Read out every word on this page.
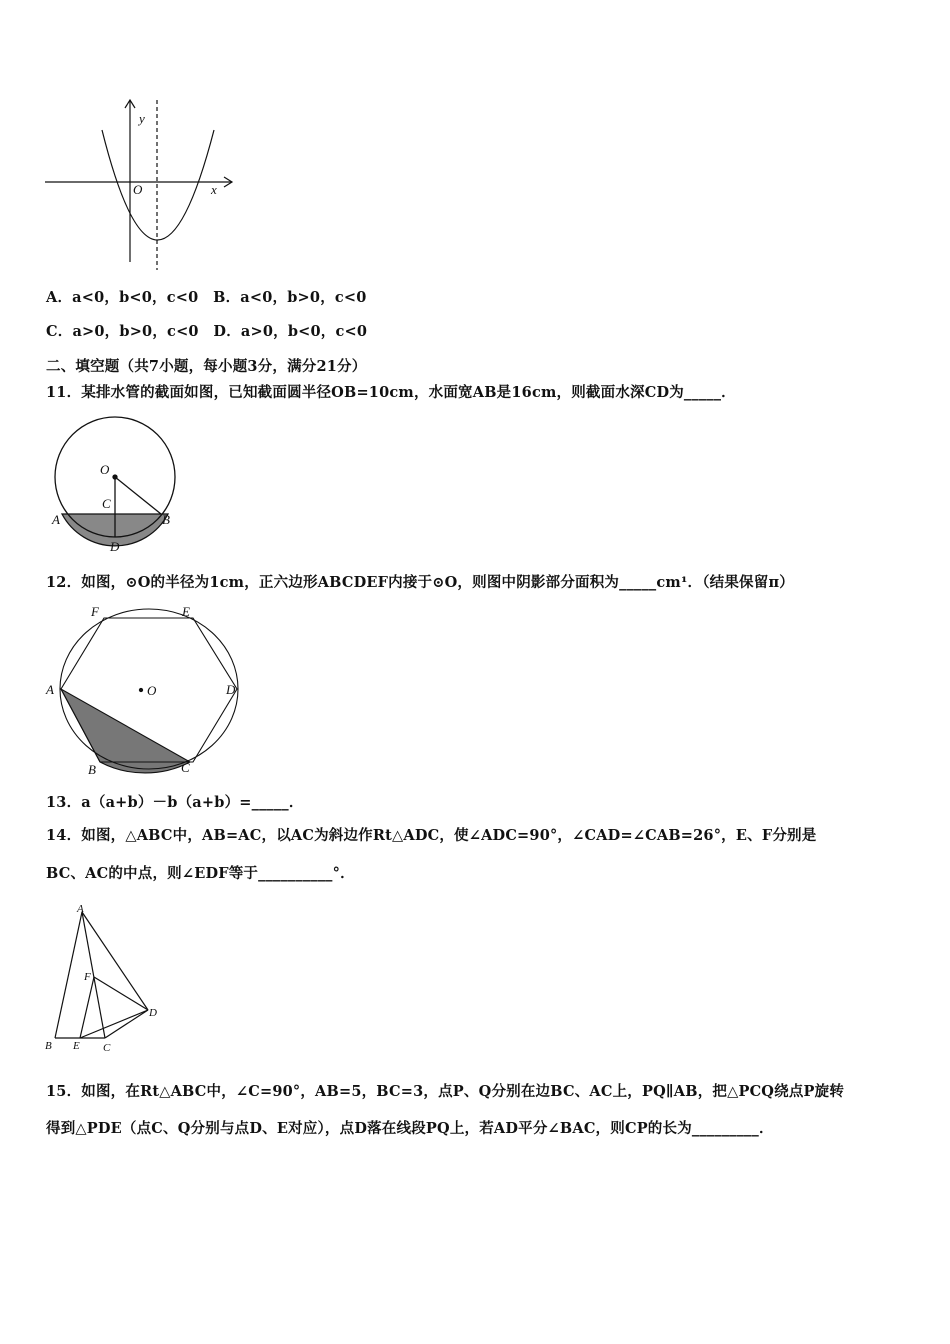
y
O	x
O
C
A	B
D
F	E
A	O	D
B	C
A
F
D
B E C
A．a<0，b<0，c<0　B．a<0，b>0，c<0
C．a>0，b>0，c<0　D．a>0，b<0，c<0
二、填空题（共7小题，每小题3分，满分21分）
11．某排水管的截面如图，已知截面圆半径OB=10cm，水面宽AB是16cm，则截面水深CD为_____．
12．如图，⊙O的半径为1cm，正六边形ABCDEF内接于⊙O，则图中阴影部分面积为_____cm¹．（结果保留π）
13．a（a+b）－b（a+b）=_____．
14．如图，△ABC中，AB=AC，以AC为斜边作Rt△ADC，使∠ADC=90°，∠CAD=∠CAB=26°，E、F分别是
BC、AC的中点，则∠EDF等于__________°．
15．如图，在Rt△ABC中，∠C=90°，AB=5，BC=3，点P、Q分别在边BC、AC上，PQ∥AB，把△PCQ绕点P旋转
得到△PDE（点C、Q分别与点D、E对应），点D落在线段PQ上，若AD平分∠BAC，则CP的长为_________．
